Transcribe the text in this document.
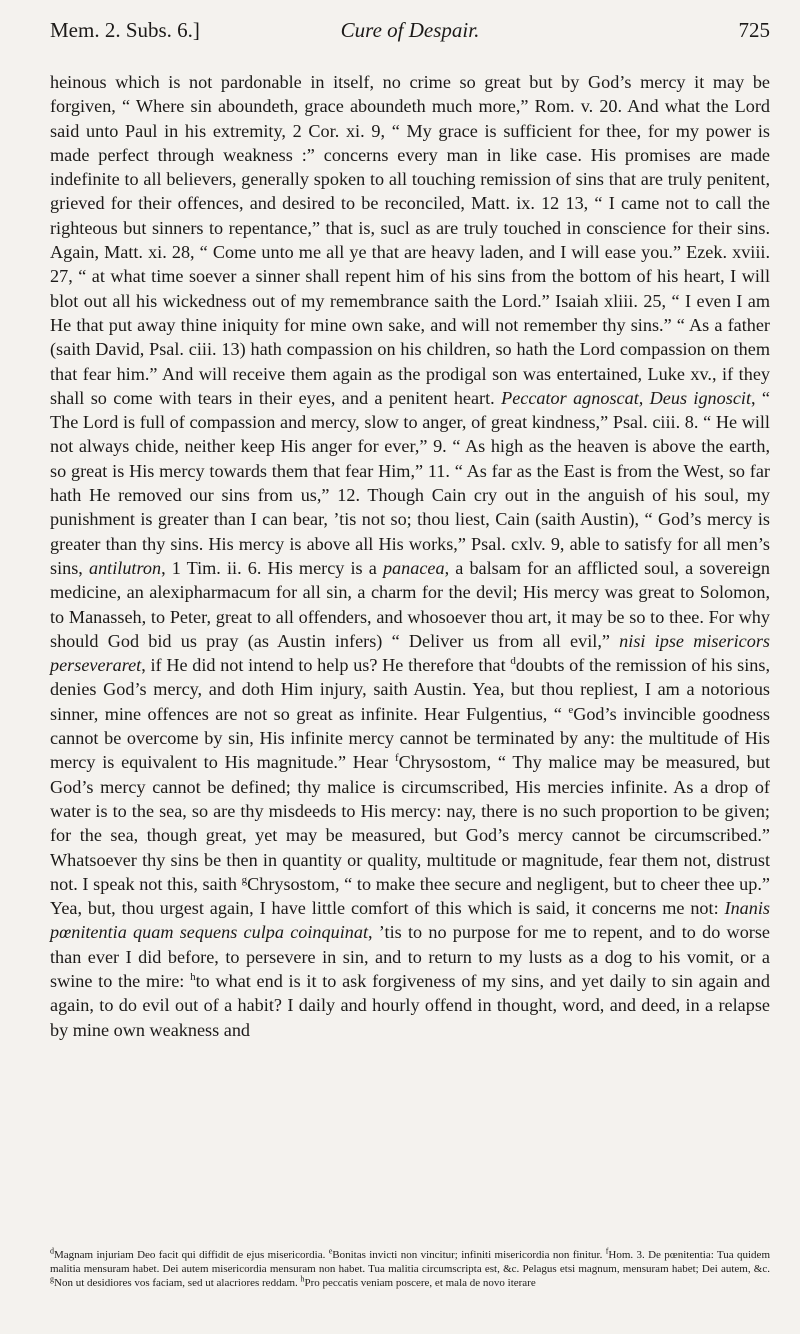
Mem. 2. Subs. 6.]	Cure of Despair.	725

heinous which is not pardonable in itself, no crime so great but by God’s mercy it may be forgiven, “ Where sin aboundeth, grace aboundeth much more,” Rom. v. 20. And what the Lord said unto Paul in his extremity, 2 Cor. xi. 9, “ My grace is sufficient for thee, for my power is made perfect through weakness :” concerns every man in like case. His promises are made indefinite to all believers, generally spoken to all touching remission of sins that are truly penitent, grieved for their offences, and desired to be reconciled, Matt. ix. 12 13, “ I came not to call the righteous but sinners to repentance,” that is, sucl as are truly touched in conscience for their sins. Again, Matt. xi. 28, “ Come unto me all ye that are heavy laden, and I will ease you.” Ezek. xviii. 27, “ at what time soever a sinner shall repent him of his sins from the bottom of his heart, I will blot out all his wickedness out of my remembrance saith the Lord.” Isaiah xliii. 25, “ I even I am He that put away thine iniquity for mine own sake, and will not remember thy sins.” “ As a father (saith David, Psal. ciii. 13) hath compassion on his children, so hath the Lord compassion on them that fear him.” And will receive them again as the prodigal son was entertained, Luke xv., if they shall so come with tears in their eyes, and a penitent heart. Peccator agnoscat, Deus ignoscit, “ The Lord is full of compassion and mercy, slow to anger, of great kindness,” Psal. ciii. 8. “ He will not always chide, neither keep His anger for ever,” 9. “ As high as the heaven is above the earth, so great is His mercy towards them that fear Him,” 11. “ As far as the East is from the West, so far hath He removed our sins from us,” 12. Though Cain cry out in the anguish of his soul, my punishment is greater than I can bear, ’tis not so; thou liest, Cain (saith Austin), “ God’s mercy is greater than thy sins. His mercy is above all His works,” Psal. cxlv. 9, able to satisfy for all men’s sins, antilutron, 1 Tim. ii. 6. His mercy is a panacea, a balsam for an afflicted soul, a sovereign medicine, an alexipharmacum for all sin, a charm for the devil; His mercy was great to Solomon, to Manasseh, to Peter, great to all offenders, and whosoever thou art, it may be so to thee. For why should God bid us pray (as Austin infers) “ Deliver us from all evil,” nisi ipse misericors perseveraret, if He did not intend to help us? He therefore that $^d$doubts of the remission of his sins, denies God’s mercy, and doth Him injury, saith Austin. Yea, but thou repliest, I am a notorious sinner, mine offences are not so great as infinite. Hear Fulgentius, “ $^e$God’s invincible goodness cannot be overcome by sin, His infinite mercy cannot be terminated by any: the multitude of His mercy is equivalent to His magnitude.” Hear $^f$Chrysostom, “ Thy malice may be measured, but God’s mercy cannot be defined; thy malice is circumscribed, His mercies infinite. As a drop of water is to the sea, so are thy misdeeds to His mercy: nay, there is no such proportion to be given; for the sea, though great, yet may be measured, but God’s mercy cannot be circumscribed.” Whatsoever thy sins be then in quantity or quality, multitude or magnitude, fear them not, distrust not. I speak not this, saith $^g$Chrysostom, “ to make thee secure and negligent, but to cheer thee up.” Yea, but, thou urgest again, I have little comfort of this which is said, it concerns me not: Inanis pœnitentia quam sequens culpa coinquinat, ’tis to no purpose for me to repent, and to do worse than ever I did before, to persevere in sin, and to return to my lusts as a dog to his vomit, or a swine to the mire: $^h$to what end is it to ask forgiveness of my sins, and yet daily to sin again and again, to do evil out of a habit? I daily and hourly offend in thought, word, and deed, in a relapse by mine own weakness and

$^d$Magnam injuriam Deo facit qui diffidit de ejus misericordia. $^e$Bonitas invicti non vincitur; infiniti misericordia non finitur. $^f$Hom. 3. De pœnitentia: Tua quidem malitia mensuram habet. Dei autem misericordia mensuram non habet. Tua malitia circumscripta est, &c. Pelagus etsi magnum, mensuram habet; Dei autem, &c. $^g$Non ut desidiores vos faciam, sed ut alacriores reddam. $^h$Pro peccatis veniam poscere, et mala de novo iterare
